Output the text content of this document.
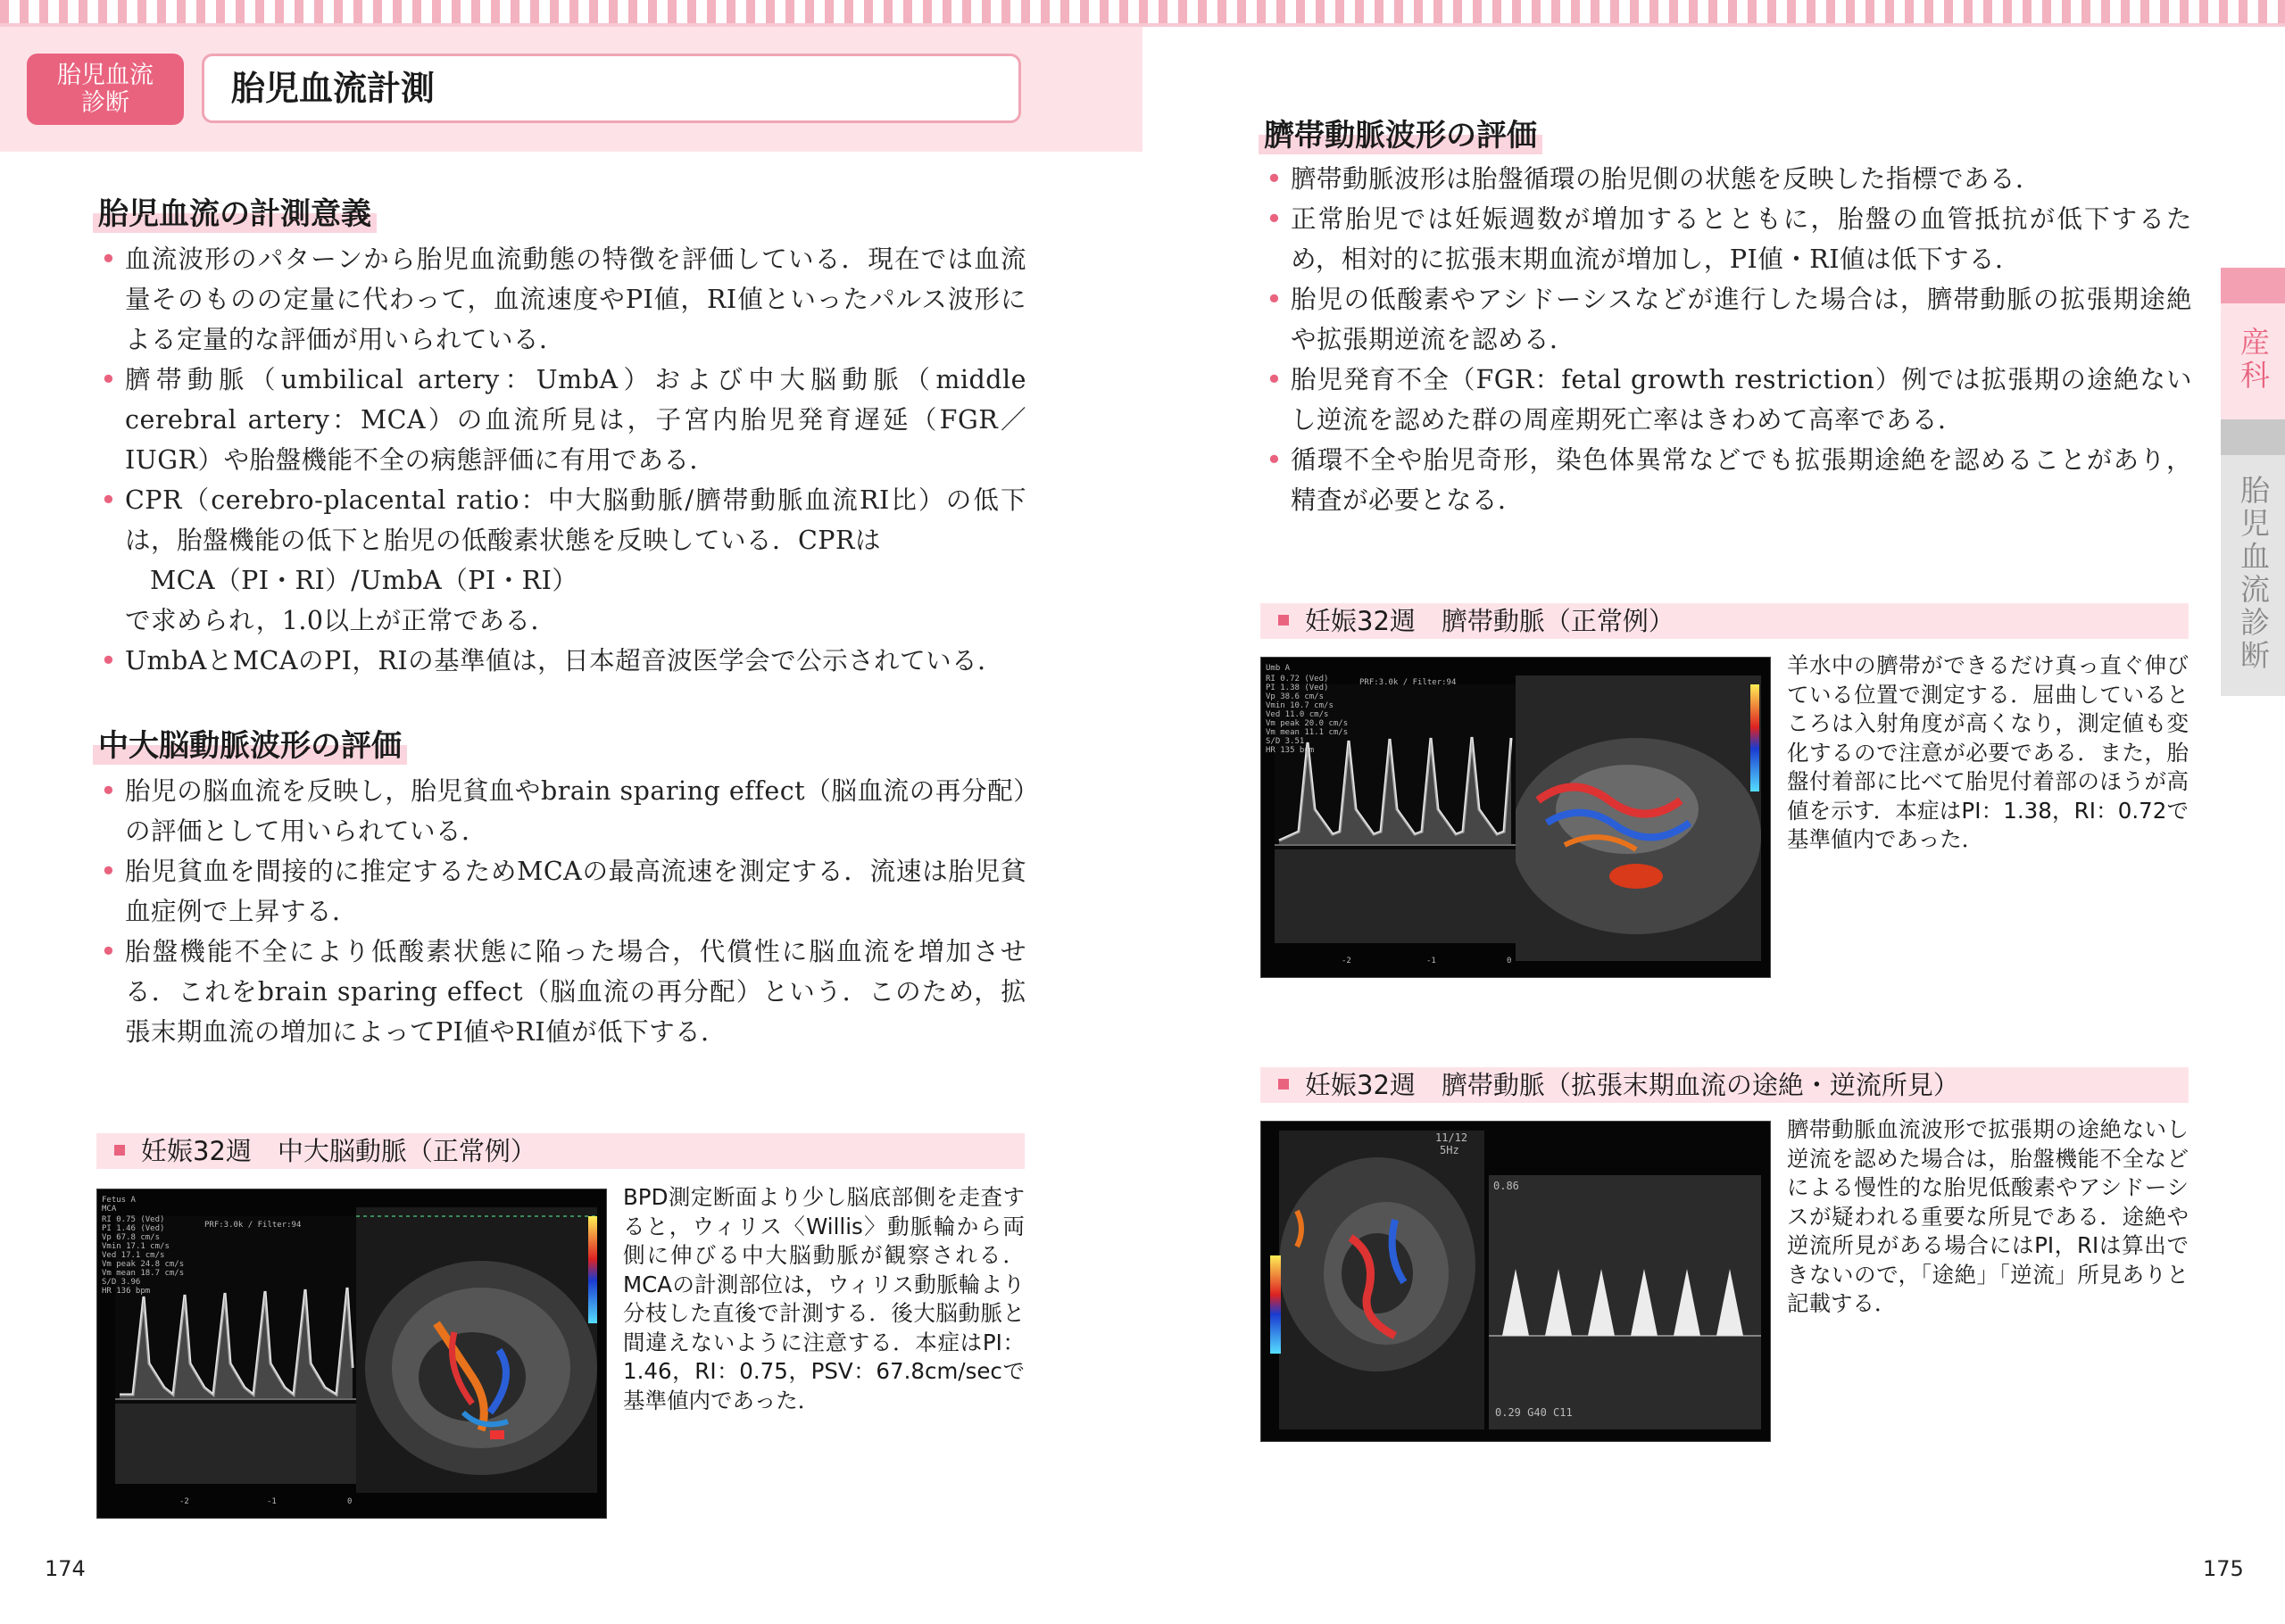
胎児血流
診断	胎児血流計測
胎児血流の計測意義
• 血流波形のパターンから胎児血流動態の特徴を評価している．現在では血流量そのものの定量に代わって，血流速度やPI値，RI値といったパルス波形による定量的な評価が用いられている．
• 臍帯動脈（umbilical artery：UmbA）および中大脳動脈（middle cerebral artery：MCA）の血流所見は，子宮内胎児発育遅延（FGR／IUGR）や胎盤機能不全の病態評価に有用である．
• CPR（cerebro-placental ratio：中大脳動脈/臍帯動脈血流RI比）の低下は，胎盤機能の低下と胎児の低酸素状態を反映している．CPRは
MCA（PI・RI）/UmbA（PI・RI）
で求められ，1.0以上が正常である．
• UmbAとMCAのPI，RIの基準値は，日本超音波医学会で公示されている．
中大脳動脈波形の評価
• 胎児の脳血流を反映し，胎児貧血やbrain sparing effect（脳血流の再分配）の評価として用いられている．
• 胎児貧血を間接的に推定するためMCAの最高流速を測定する．流速は胎児貧血症例で上昇する．
• 胎盤機能不全により低酸素状態に陥った場合，代償性に脳血流を増加させる．これをbrain sparing effect（脳血流の再分配）という．このため，拡張末期血流の増加によってPI値やRI値が低下する．
妊娠32週　中大脳動脈（正常例）
Fetus A
MCA
RI 0.75 (Ved)
PI 1.46 (Ved)
Vp 67.8 cm/s
Vmin 17.1 cm/s
Ved 17.1 cm/s
Vm peak 24.8 cm/s
Vm mean 18.7 cm/s
S/D 3.96
HR 136 bpm
PRF:3.0k / Filter:94
-2	-1	0
BPD測定断面より少し脳底部側を走査すると，ウィリス〈Willis〉動脈輪から両側に伸びる中大脳動脈が観察される．MCAの計測部位は，ウィリス動脈輪より分枝した直後で計測する．後大脳動脈と間違えないように注意する．本症はPI：1.46，RI：0.75，PSV：67.8cm/secで基準値内であった．
174
臍帯動脈波形の評価
• 臍帯動脈波形は胎盤循環の胎児側の状態を反映した指標である．
• 正常胎児では妊娠週数が増加するとともに，胎盤の血管抵抗が低下するため，相対的に拡張末期血流が増加し，PI値・RI値は低下する．
• 胎児の低酸素やアシドーシスなどが進行した場合は，臍帯動脈の拡張期途絶や拡張期逆流を認める．
• 胎児発育不全（FGR：fetal growth restriction）例では拡張期の途絶ないし逆流を認めた群の周産期死亡率はきわめて高率である．
• 循環不全や胎児奇形，染色体異常などでも拡張期途絶を認めることがあり，精査が必要となる．
妊娠32週　臍帯動脈（正常例）
Umb A
RI 0.72 (Ved)
PI 1.38 (Ved)
Vp 38.6 cm/s
Vmin 10.7 cm/s
Ved 11.0 cm/s
Vm peak 20.0 cm/s
Vm mean 11.1 cm/s
S/D 3.51
HR 135 bpm
PRF:3.0k / Filter:94
-2	-1	0
羊水中の臍帯ができるだけ真っ直ぐ伸びている位置で測定する．屈曲しているところは入射角度が高くなり，測定値も変化するので注意が必要である．また，胎盤付着部に比べて胎児付着部のほうが高値を示す．本症はPI：1.38，RI：0.72で基準値内であった．
妊娠32週　臍帯動脈（拡張末期血流の途絶・逆流所見）
11/12
5Hz
0.86
0.29 G40 C11
臍帯動脈血流波形で拡張期の途絶ないし逆流を認めた場合は，胎盤機能不全などによる慢性的な胎児低酸素やアシドーシスが疑われる重要な所見である．途絶や逆流所見がある場合にはPI，RIは算出できないので，「途絶」「逆流」所見ありと記載する．
175
産科
胎児血流診断
